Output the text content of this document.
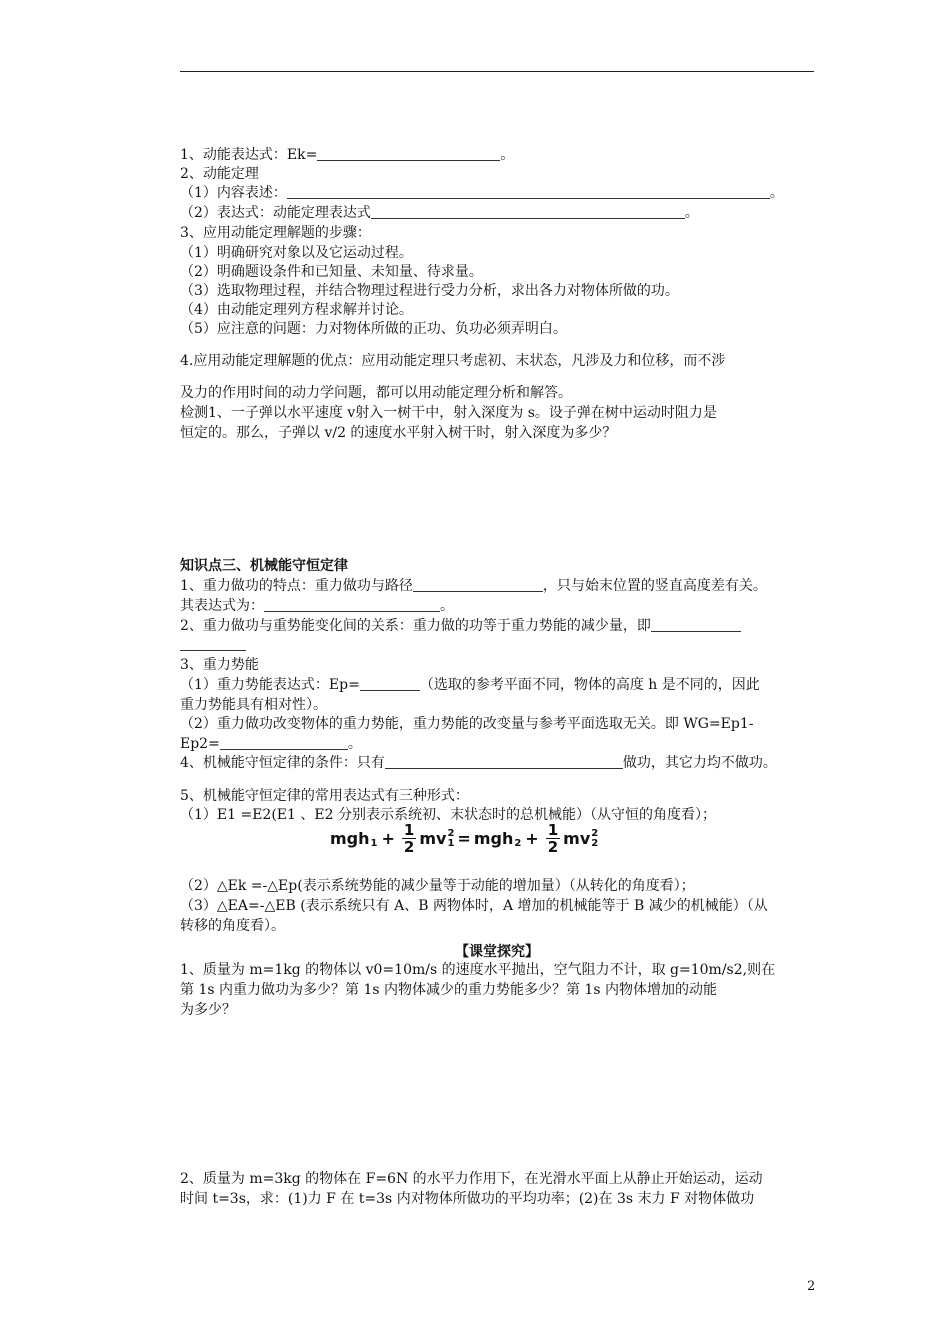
1、动能表达式：Ek=	。
2、动能定理
（1）内容表述：	。
（2）表达式：动能定理表达式	。
3、应用动能定理解题的步骤：
（1）明确研究对象以及它运动过程。
（2）明确题设条件和已知量、未知量、待求量。
（3）选取物理过程，并结合物理过程进行受力分析，求出各力对物体所做的功。
（4）由动能定理列方程求解并讨论。
（5）应注意的问题：力对物体所做的正功、负功必须弄明白。
4.应用动能定理解题的优点：应用动能定理只考虑初、末状态，凡涉及力和位移，而不涉
及力的作用时间的动力学问题，都可以用动能定理分析和解答。
检测1、一子弹以水平速度 v射入一树干中，射入深度为 s。设子弹在树中运动时阻力是
恒定的。那么，子弹以 v/2 的速度水平射入树干时，射入深度为多少？
知识点三、机械能守恒定律
1、重力做功的特点：重力做功与路径	，只与始末位置的竖直高度差有关。
其表达式为：	。
2、重力做功与重势能变化间的关系：重力做的功等于重力势能的减少量，即
3、重力势能
（1）重力势能表达式：Ep=	（选取的参考平面不同，物体的高度 h 是不同的，因此
重力势能具有相对性）。
（2）重力做功改变物体的重力势能，重力势能的改变量与参考平面选取无关。即 WG=Ep1-
Ep2=	。
4、机械能守恒定律的条件：只有	做功，其它力均不做功。
5、机械能守恒定律的常用表达式有三种形式：
（1）E1 =E2(E1 、E2 分别表示系统初、末状态时的总机械能）（从守恒的角度看）；
mgh
$1 + \frac{1}{2}$ mv 2
1 = mgh
$2 + \frac{1}{2}$ mv 2
2
（2）△Ek =-△Ep(表示系统势能的减少量等于动能的增加量）（从转化的角度看）；
（3）△EA=-△EB (表示系统只有 A、B 两物体时，A 增加的机械能等于 B 减少的机械能）（从
转移的角度看）。
【课堂探究】
1、质量为 m=1kg 的物体以 v0=10m/s 的速度水平抛出，空气阻力不计，取 g=10m/s2,则在
第 1s 内重力做功为多少？第 1s 内物体减少的重力势能多少？第 1s 内物体增加的动能
为多少？
2、质量为 m=3kg 的物体在 F=6N 的水平力作用下，在光滑水平面上从静止开始运动，运动
时间 t=3s，求：(1)力 F 在 t=3s 内对物体所做功的平均功率；(2)在 3s 末力 F 对物体做功
2
